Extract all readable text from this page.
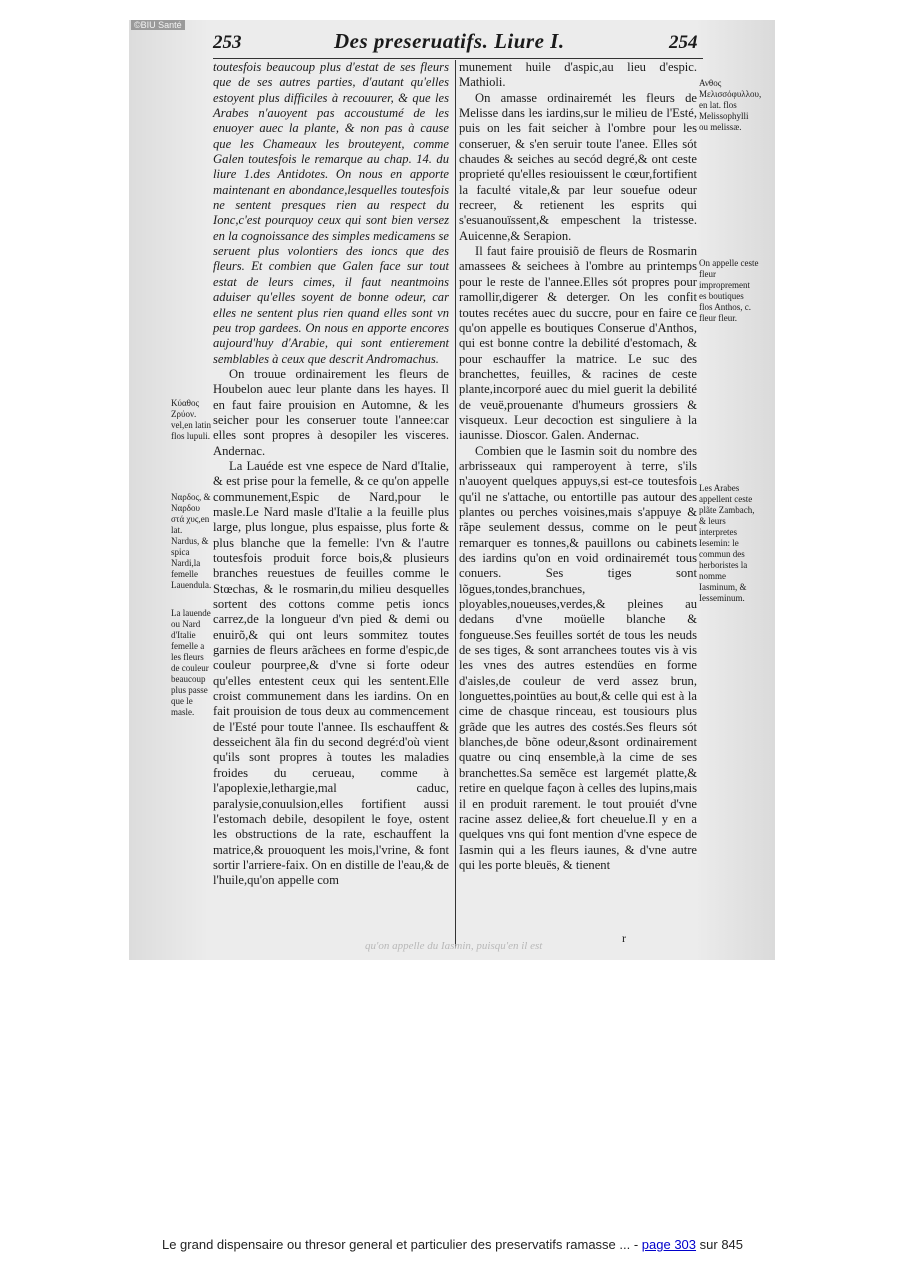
©BIU Santé
253	Des preseruatifs. Liure I.	254

toutesfois beaucoup plus d'estat de ses fleurs que de ses autres parties, d'autant qu'elles estoyent plus difficiles à recouurer, & que les Arabes n'auoyent pas accoustumé de les enuoyer auec la plante, & non pas à cause que les Chameaux les brouteyent, comme Galen toutesfois le remarque au chap. 14. du liure 1.des Antidotes. On nous en apporte maintenant en abondance,lesquelles toutesfois ne sentent presques rien au respect du Ionc,c'est pourquoy ceux qui sont bien versez en la cognoissance des simples medicamens se seruent plus volontiers des ioncs que des fleurs. Et combien que Galen face sur tout estat de leurs cimes, il faut neantmoins aduiser qu'elles soyent de bonne odeur, car elles ne sentent plus rien quand elles sont vn peu trop gardees. On nous en apporte encores aujourd'huy d'Arabie, qui sont entierement semblables à ceux que descrit Andromachus.

On trouue ordinairement les fleurs de Houbelon auec leur plante dans les hayes. Il en faut faire prouision en Automne, & les seicher pour les conseruer toute l'annee:car elles sont propres à desopiler les visceres. Andernac.

La Lauéde est vne espece de Nard d'Italie, & est prise pour la femelle, & ce qu'on appelle communement,Espic de Nard,pour le masle.Le Nard masle d'Italie a la feuille plus large, plus longue, plus espaisse, plus forte & plus blanche que la femelle: l'vn & l'autre toutesfois produit force bois,& plusieurs branches reuestues de feuilles comme le Stœchas, & le rosmarin,du milieu desquelles sortent des cottons comme petis ioncs carrez,de la longueur d'vn pied & demi ou enuirõ,& qui ont leurs sommitez toutes garnies de fleurs arãchees en forme d'espic,de couleur pourpree,& d'vne si forte odeur qu'elles entestent ceux qui les sentent.Elle croist communement dans les iardins. On en fait prouision de tous deux au commencement de l'Esté pour toute l'annee. Ils eschauffent & desseichent ãla fin du second degré:d'où vient qu'ils sont propres à toutes les maladies froides du cerueau, comme à l'apoplexie,lethargie,mal caduc, paralysie,conuulsion,elles fortifient aussi l'estomach debile, desopilent le foye, ostent les obstructions de la rate, eschauffent la matrice,& prouoquent les mois,l'vrine, & font sortir l'arriere-faix. On en distille de l'eau,& de l'huile,qu'on appelle com

munement huile d'aspic,au lieu d'espic. Mathioli.

On amasse ordinairemét les fleurs de Melisse dans les iardins,sur le milieu de l'Esté, puis on les fait seicher à l'ombre pour les conseruer, & s'en seruir toute l'anee. Elles sót chaudes & seiches au secód degré,& ont ceste proprieté qu'elles resiouissent le cœur,fortifient la faculté vitale,& par leur souefue odeur recreer, & retienent les esprits qui s'esuanouïssent,& empeschent la tristesse. Auicenne,& Serapion.

Il faut faire prouisiõ de fleurs de Rosmarin amassees & seichees à l'ombre au printemps pour le reste de l'annee.Elles sót propres pour ramollir,digerer & deterger. On les confit toutes recétes auec du succre, pour en faire ce qu'on appelle es boutiques Conserue d'Anthos, qui est bonne contre la debilité d'estomach, & pour eschauffer la matrice. Le suc des branchettes, feuilles, & racines de ceste plante,incorporé auec du miel guerit la debilité de veuë,prouenante d'humeurs grossiers & visqueux. Leur decoction est singuliere à la iaunisse. Dioscor. Galen. Andernac.

Combien que le Iasmin soit du nombre des arbrisseaux qui ramperoyent à terre, s'ils n'auoyent quelques appuys,si est-ce toutesfois qu'il ne s'attache, ou entortille pas autour des plantes ou perches voisines,mais s'appuye & rãpe seulement dessus, comme on le peut remarquer es tonnes,& pauillons ou cabinets des iardins qu'on en void ordinairemét tous conuers. Ses tiges sont lõgues,tondes,branchues, ployables,noueuses,verdes,& pleines au dedans d'vne moüelle blanche & fongueuse.Ses feuilles sortét de tous les neuds de ses tiges, & sont arranchees toutes vis à vis les vnes des autres estendües en forme d'aisles,de couleur de verd assez brun, longuettes,pointües au bout,& celle qui est à la cime de chasque rinceau, est tousiours plus grãde que les autres des costés.Ses fleurs sót blanches,de bõne odeur,&sont ordinairement quatre ou cinq ensemble,à la cime de ses branchettes.Sa semẽce est largemét platte,& retire en quelque façon à celles des lupins,mais il en produit rarement. le tout prouiét d'vne racine assez deliee,& fort cheuelue.Il y en a quelques vns qui font mention d'vne espece de Iasmin qui a les fleurs iaunes, & d'vne autre qui les porte bleuës, & tienent

Κύαθος Ζρύον. vel,en latin flos lupuli.
Ναρδος, & Ναρδου στά χυς,en lat. Nardus, & spica Nardi,la femelle Lauendula.
La lauende ou Nard d'Italie femelle a les fleurs de couleur beaucoup plus passe que le masle.
Ανθος Μελισσόφυλλου, en lat. flos Melissophylli ou melissæ.
On appelle ceste fleur improprement es boutiques flos Anthos, c. fleur fleur.
Les Arabes appellent ceste plãte Zambach, & leurs interpretes Iesemin: le commun des herboristes la nomme Iasminum, & Iesseminum.
r
qu'on appelle du Iasmin, puisqu'en il est
Le grand dispensaire ou thresor general et particulier des preservatifs ramasse ... - page 303 sur 845
